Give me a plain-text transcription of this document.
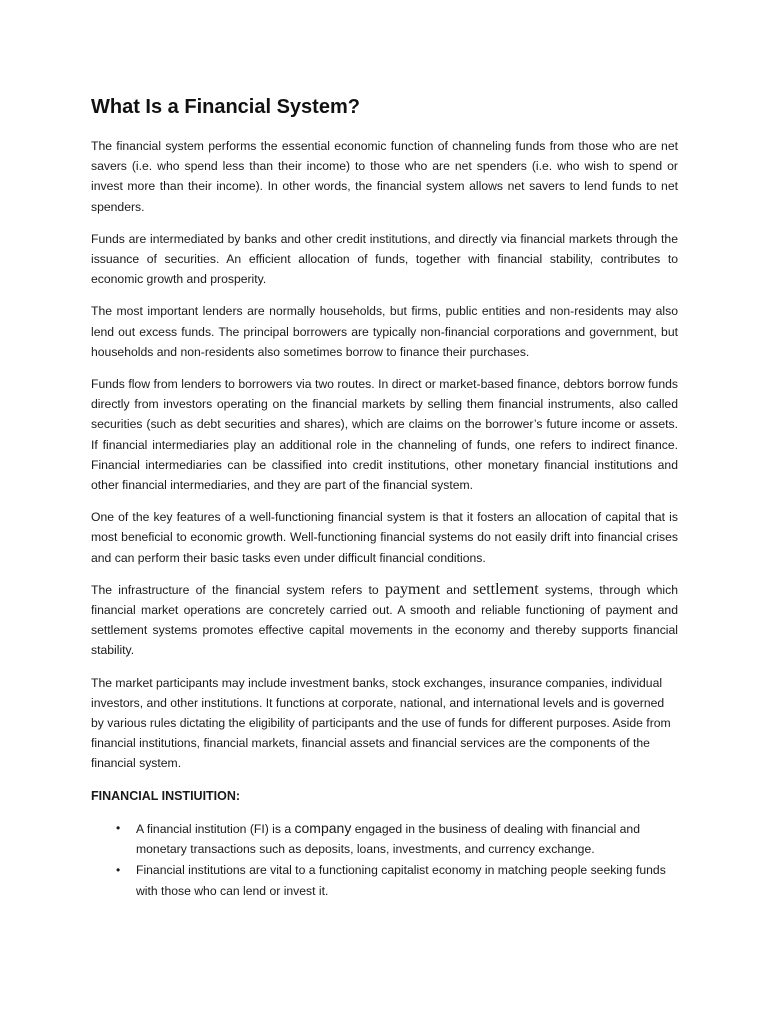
What Is a Financial System?

The financial system performs the essential economic function of channeling funds from those who are net savers (i.e. who spend less than their income) to those who are net spenders (i.e. who wish to spend or invest more than their income). In other words, the financial system allows net savers to lend funds to net spenders.

Funds are intermediated by banks and other credit institutions, and directly via financial markets through the issuance of securities. An efficient allocation of funds, together with financial stability, contributes to economic growth and prosperity.

The most important lenders are normally households, but firms, public entities and non-residents may also lend out excess funds. The principal borrowers are typically non-financial corporations and government, but households and non-residents also sometimes borrow to finance their purchases.

Funds flow from lenders to borrowers via two routes. In direct or market-based finance, debtors borrow funds directly from investors operating on the financial markets by selling them financial instruments, also called securities (such as debt securities and shares), which are claims on the borrower’s future income or assets. If financial intermediaries play an additional role in the channeling of funds, one refers to indirect finance. Financial intermediaries can be classified into credit institutions, other monetary financial institutions and other financial intermediaries, and they are part of the financial system.

One of the key features of a well-functioning financial system is that it fosters an allocation of capital that is most beneficial to economic growth. Well-functioning financial systems do not easily drift into financial crises and can perform their basic tasks even under difficult financial conditions.

The infrastructure of the financial system refers to payment and settlement systems, through which financial market operations are concretely carried out. A smooth and reliable functioning of payment and settlement systems promotes effective capital movements in the economy and thereby supports financial stability.

The market participants may include investment banks, stock exchanges, insurance companies, individual investors, and other institutions. It functions at corporate, national, and international levels and is governed by various rules dictating the eligibility of participants and the use of funds for different purposes. Aside from financial institutions, financial markets, financial assets and financial services are the components of the financial system.

FINANCIAL INSTIUITION:
• A financial institution (FI) is a company engaged in the business of dealing with financial and monetary transactions such as deposits, loans, investments, and currency exchange.
• Financial institutions are vital to a functioning capitalist economy in matching people seeking funds with those who can lend or invest it.
